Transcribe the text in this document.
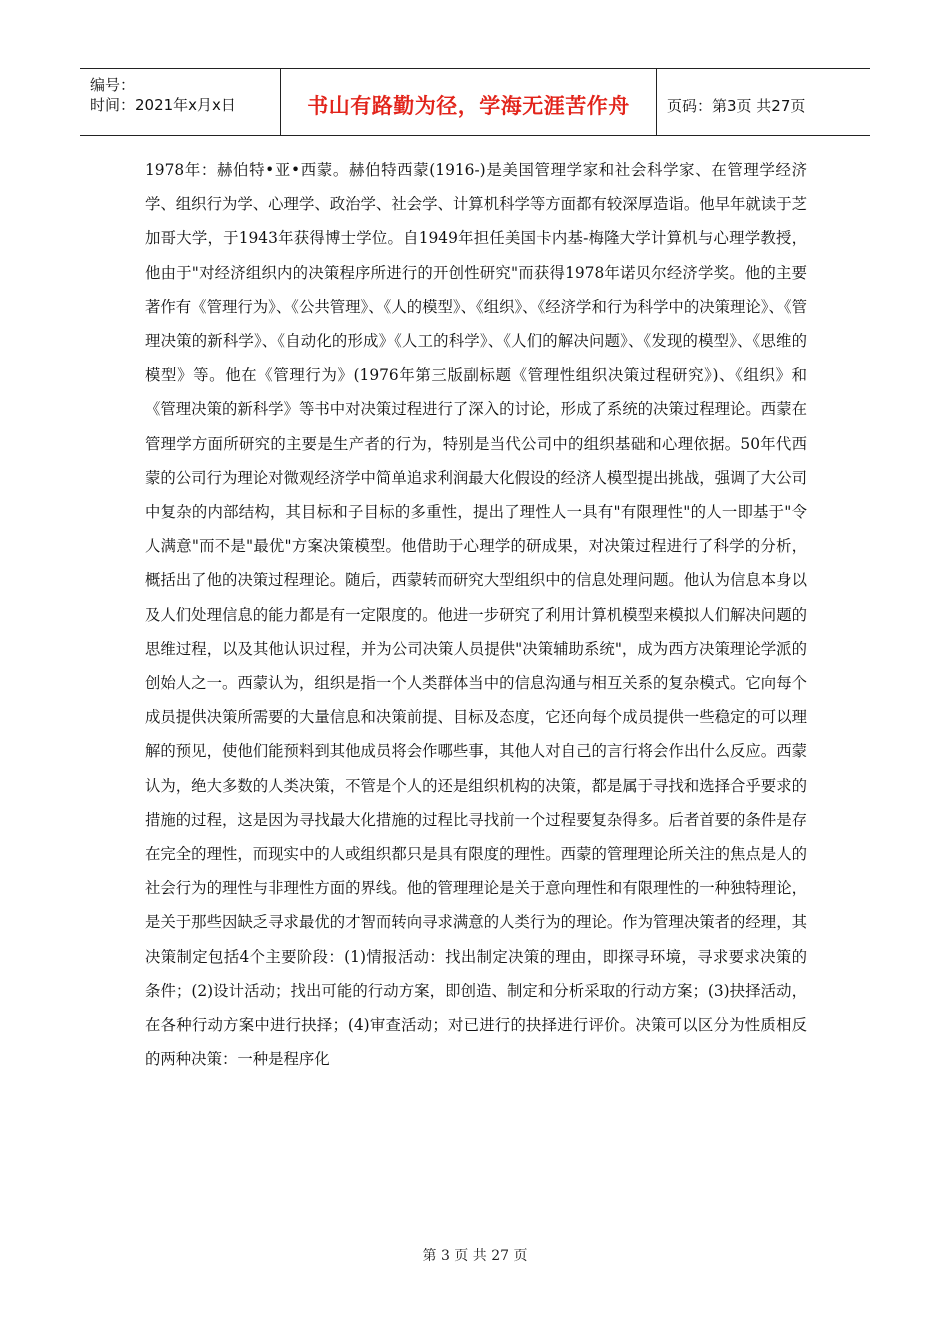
编号：
时间：2021年x月x日	书山有路勤为径，学海无涯苦作舟	页码：第3页 共27页

1978年：赫伯特•亚•西蒙。赫伯特西蒙(1916-)是美国管理学家和社会科学家、在管理学经济学、组织行为学、心理学、政治学、社会学、计算机科学等方面都有较深厚造诣。他早年就读于芝加哥大学，于1943年获得博士学位。自1949年担任美国卡内基-梅隆大学计算机与心理学教授，他由于"对经济组织内的决策程序所进行的开创性研究"而获得1978年诺贝尔经济学奖。他的主要著作有《管理行为》、《公共管理》、《人的模型》、《组织》、《经济学和行为科学中的决策理论》、《管理决策的新科学》、《自动化的形成》《人工的科学》、《人们的解决问题》、《发现的模型》、《思维的模型》等。他在《管理行为》(1976年第三版副标题《管理性组织决策过程研究》)、《组织》和《管理决策的新科学》等书中对决策过程进行了深入的讨论，形成了系统的决策过程理论。西蒙在管理学方面所研究的主要是生产者的行为，特别是当代公司中的组织基础和心理依据。50年代西蒙的公司行为理论对微观经济学中简单追求利润最大化假设的经济人模型提出挑战，强调了大公司中复杂的内部结构，其目标和子目标的多重性，提出了理性人一具有"有限理性"的人一即基于"令人满意"而不是"最优"方案决策模型。他借助于心理学的研成果，对决策过程进行了科学的分析，概括出了他的决策过程理论。随后，西蒙转而研究大型组织中的信息处理问题。他认为信息本身以及人们处理信息的能力都是有一定限度的。他进一步研究了利用计算机模型来模拟人们解决问题的思维过程，以及其他认识过程，并为公司决策人员提供"决策辅助系统"，成为西方决策理论学派的创始人之一。西蒙认为，组织是指一个人类群体当中的信息沟通与相互关系的复杂模式。它向每个成员提供决策所需要的大量信息和决策前提、目标及态度，它还向每个成员提供一些稳定的可以理解的预见，使他们能预料到其他成员将会作哪些事，其他人对自己的言行将会作出什么反应。西蒙认为，绝大多数的人类决策，不管是个人的还是组织机构的决策，都是属于寻找和选择合乎要求的措施的过程，这是因为寻找最大化措施的过程比寻找前一个过程要复杂得多。后者首要的条件是存在完全的理性，而现实中的人或组织都只是具有限度的理性。西蒙的管理理论所关注的焦点是人的社会行为的理性与非理性方面的界线。他的管理理论是关于意向理性和有限理性的一种独特理论，是关于那些因缺乏寻求最优的才智而转向寻求满意的人类行为的理论。作为管理决策者的经理，其决策制定包括4个主要阶段：(1)情报活动：找出制定决策的理由，即探寻环境，寻求要求决策的条件；(2)设计活动；找出可能的行动方案，即创造、制定和分析采取的行动方案；(3)抉择活动，在各种行动方案中进行抉择；(4)审查活动；对已进行的抉择进行评价。决策可以区分为性质相反的两种决策：一种是程序化

第 3 页 共 27 页
